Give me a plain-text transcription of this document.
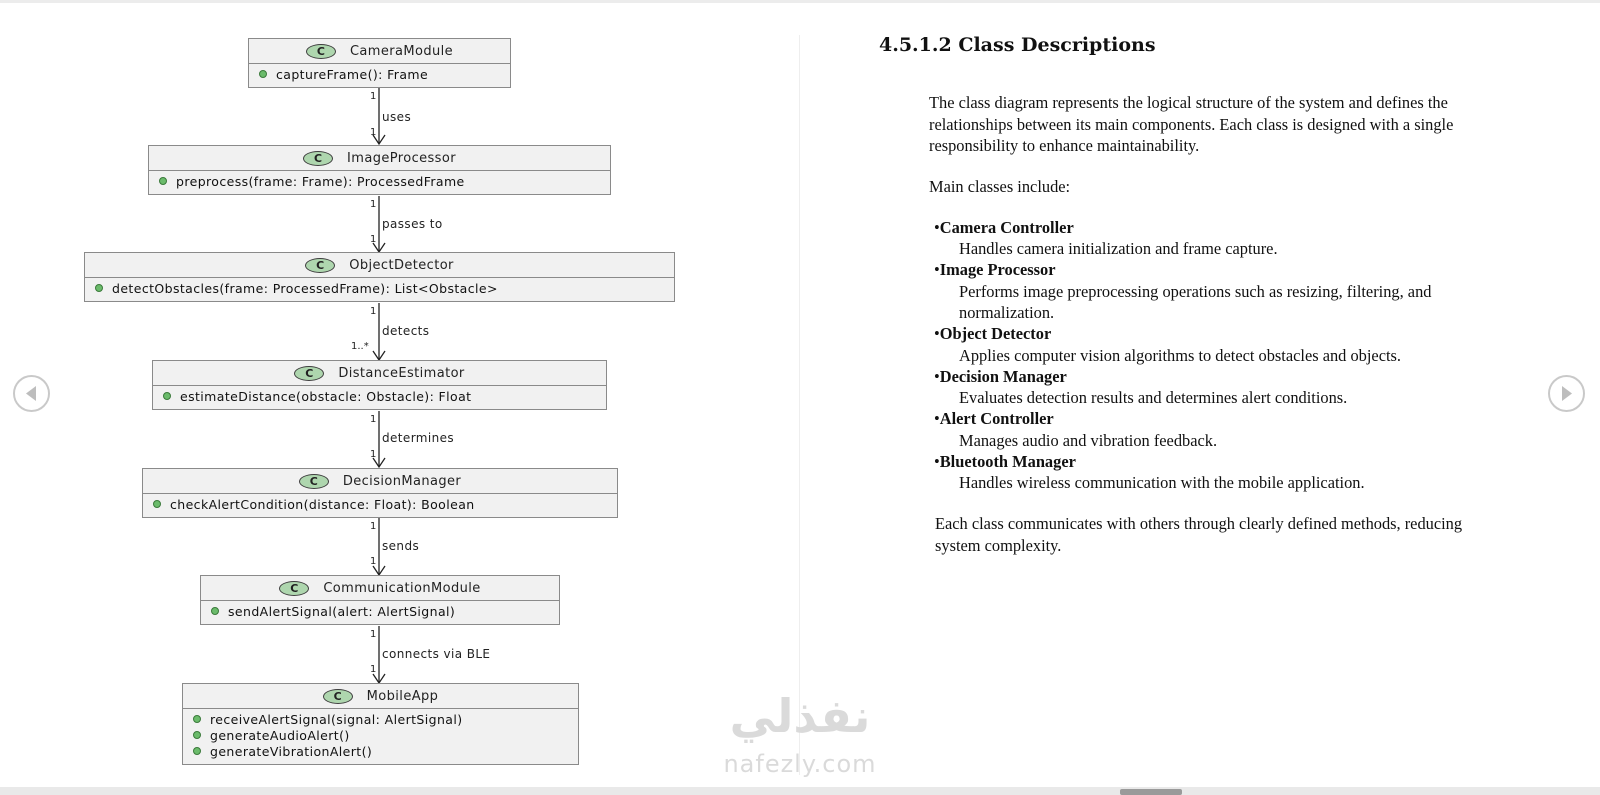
C	CameraModule
captureFrame(): Frame
C	ImageProcessor
preprocess(frame: Frame): ProcessedFrame
C	ObjectDetector
detectObstacles(frame: ProcessedFrame): List<Obstacle>
C	DistanceEstimator
estimateDistance(obstacle: Obstacle): Float
C	DecisionManager
checkAlertCondition(distance: Float): Boolean
C	CommunicationModule
sendAlertSignal(alert: AlertSignal)
C	MobileApp
receiveAlertSignal(signal: AlertSignal)
generateAudioAlert()
generateVibrationAlert()
1
uses
1
1
passes to
1
1
detects
1..*
1
determines
1
1
sends
1
1
connects via BLE
1
4.5.1.2 Class Descriptions
The class diagram represents the logical structure of the system and defines the
relationships between its main components. Each class is designed with a single
responsibility to enhance maintainability.
Main classes include:
•Camera Controller
Handles camera initialization and frame capture.
•Image Processor
Performs image preprocessing operations such as resizing, filtering, and
normalization.
•Object Detector
Applies computer vision algorithms to detect obstacles and objects.
•Decision Manager
Evaluates detection results and determines alert conditions.
•Alert Controller
Manages audio and vibration feedback.
•Bluetooth Manager
Handles wireless communication with the mobile application.
Each class communicates with others through clearly defined methods, reducing
system complexity.
نفذلي
nafezly.com
